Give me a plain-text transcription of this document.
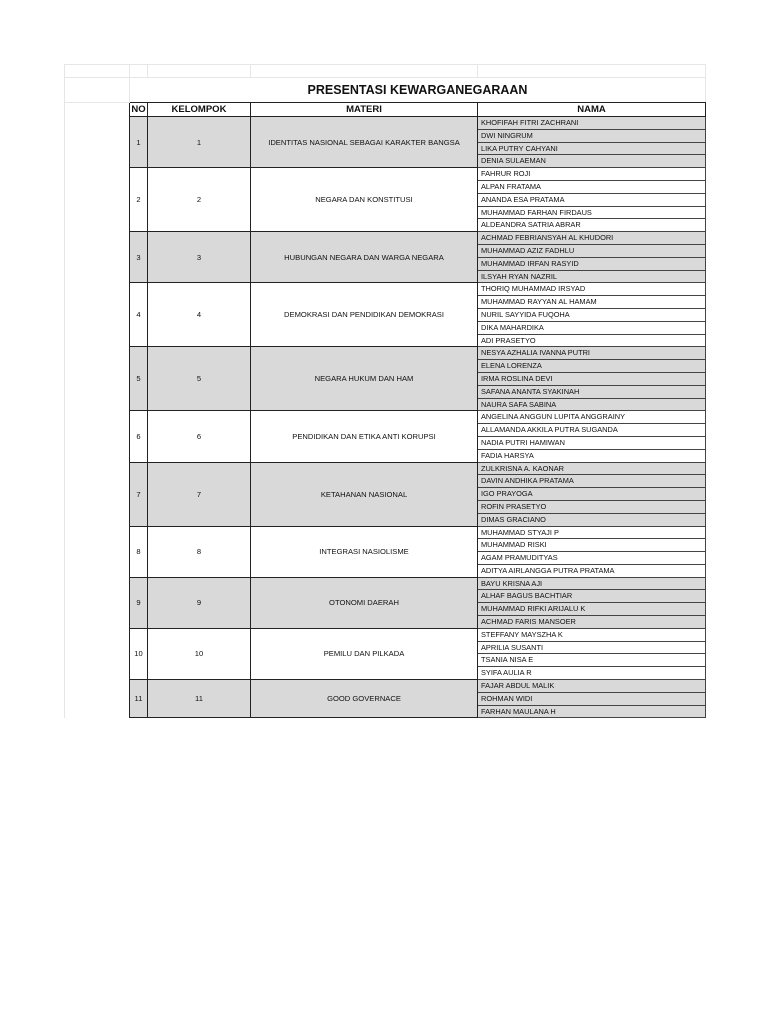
	PRESENTASI KEWARGANEGARAAN			
	NO	KELOMPOK	MATERI	NAMA
	1	1	IDENTITAS NASIONAL SEBAGAI KARAKTER BANGSA	KHOFIFAH FITRI ZACHRANI
				DWI NINGRUM
				LIKA PUTRY CAHYANI
				DENIA SULAEMAN
	2	2	NEGARA DAN KONSTITUSI	FAHRUR ROJI
				ALPAN FRATAMA
				ANANDA ESA PRATAMA
				MUHAMMAD FARHAN FIRDAUS
				ALDEANDRA SATRIA ABRAR
	3	3	HUBUNGAN NEGARA DAN WARGA NEGARA	ACHMAD FEBRIANSYAH AL KHUDORI
				MUHAMMAD AZIZ FADHLU
				MUHAMMAD IRFAN RASYID
				ILSYAH RYAN NAZRIL
	4	4	DEMOKRASI DAN PENDIDIKAN DEMOKRASI	THORIQ MUHAMMAD IRSYAD
				MUHAMMAD RAYYAN AL HAMAM
				NURIL SAYYIDA FUQOHA
				DIKA MAHARDIKA
				ADI PRASETYO
	5	5	NEGARA HUKUM DAN HAM	NESYA AZHALIA IVANNA PUTRI
				ELENA LORENZA
				IRMA ROSLINA DEVI
				SAFANA ANANTA SYAKINAH
				NAURA SAFA SABINA
	6	6	PENDIDIKAN DAN ETIKA ANTI KORUPSI	ANGELINA ANGGUN LUPITA ANGGRAINY
				ALLAMANDA AKKILA PUTRA SUGANDA
				NADIA PUTRI HAMIWAN
				FADIA HARSYA
	7	7	KETAHANAN NASIONAL	ZULKRISNA A. KAONAR
				DAVIN ANDHIKA PRATAMA
				IGO PRAYOGA
				ROFIN PRASETYO
				DIMAS GRACIANO
	8	8	INTEGRASI NASIOLISME	MUHAMMAD STYAJI P
				MUHAMMAD RISKI
				AGAM PRAMUDITYAS
				ADITYA AIRLANGGA PUTRA PRATAMA
	9	9	OTONOMI DAERAH	BAYU KRISNA AJI
				ALHAF BAGUS BACHTIAR
				MUHAMMAD RIFKI ARIJALU K
				ACHMAD FARIS MANSOER
	10	10	PEMILU DAN PILKADA	STEFFANY MAYSZHA K
				APRILIA SUSANTI
				TSANIA NISA E
				SYIFA AULIA R
	11	11	GOOD GOVERNACE	FAJAR ABDUL MALIK
				ROHMAN WIDI
				FARHAN MAULANA H
